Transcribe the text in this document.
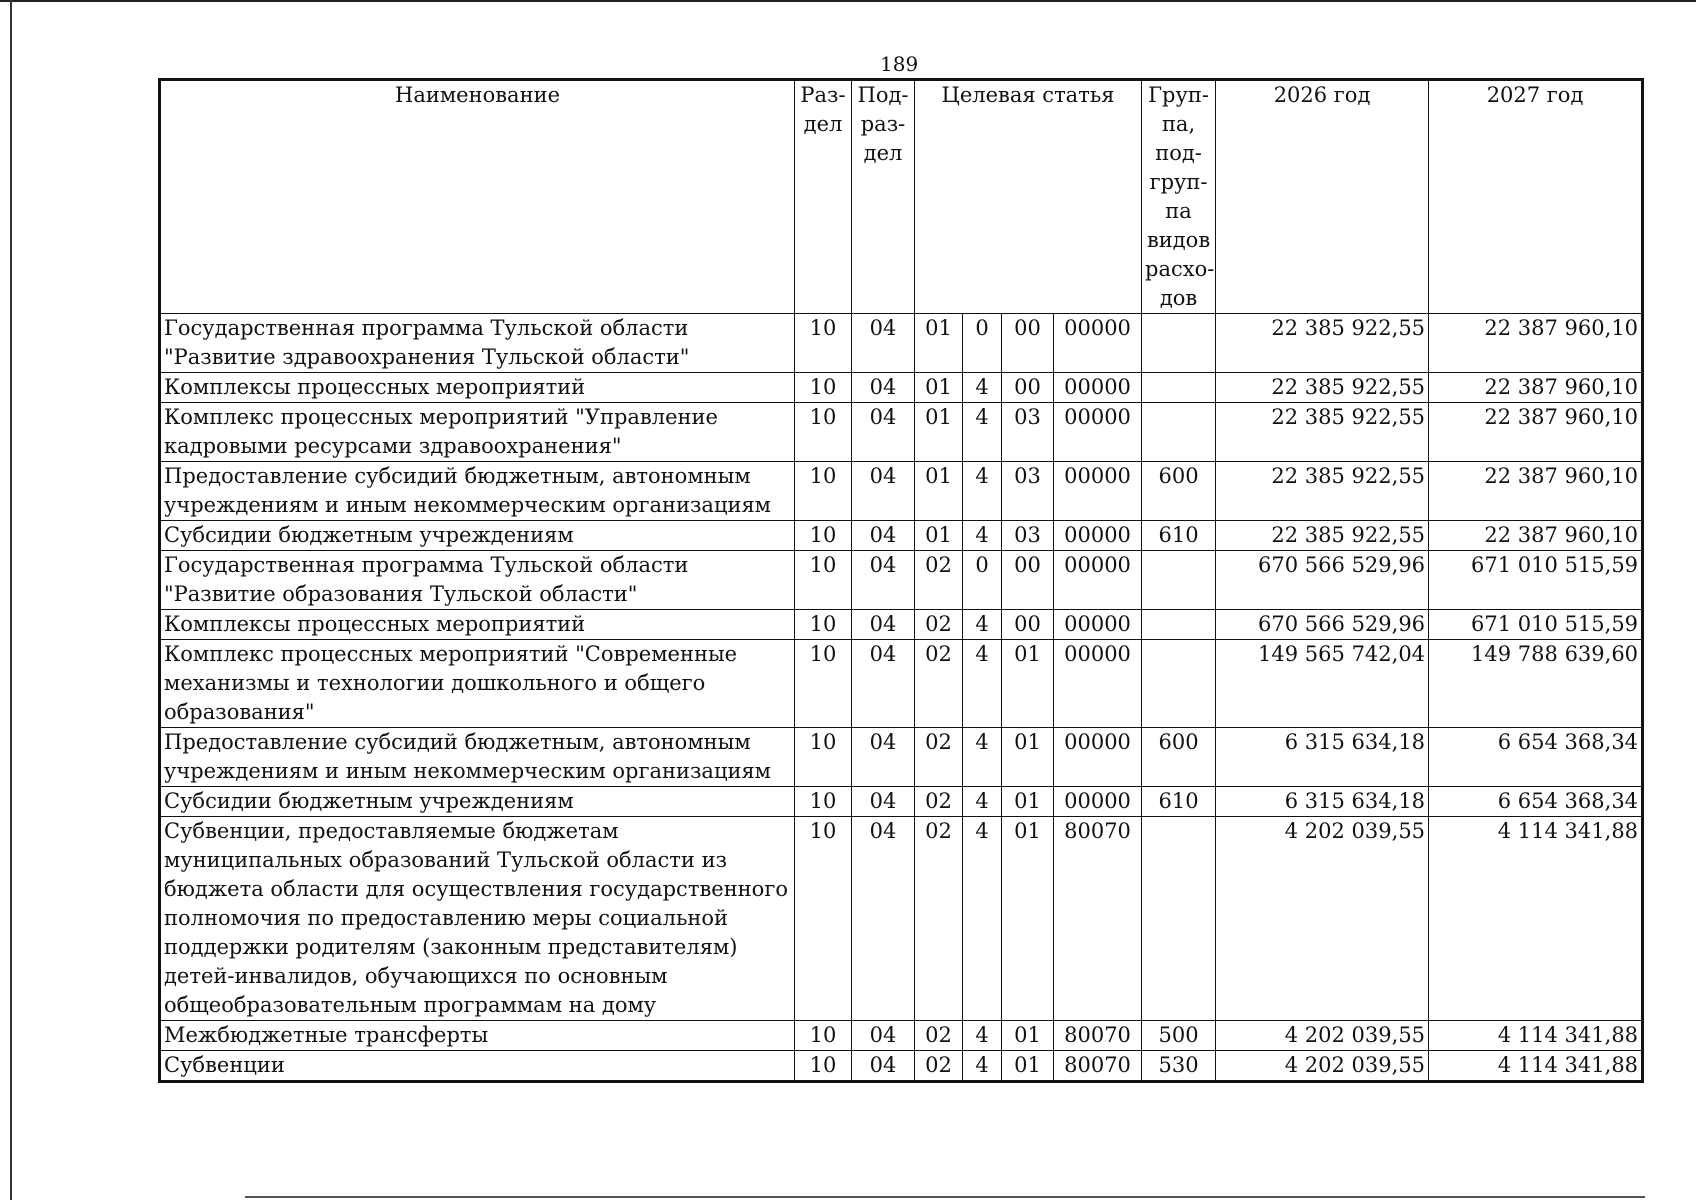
189
Наименование	Раз-дел	Под-раз-дел	Целевая статья				Груп-па, под-груп-па видов расхо-дов	2026 год	2027 год
Государственная программа Тульской области "Развитие здравоохранения Тульской области"	10	04	01	0	00	00000		22 385 922,55	22 387 960,10
Комплексы процессных мероприятий	10	04	01	4	00	00000		22 385 922,55	22 387 960,10
Комплекс процессных мероприятий "Управление кадровыми ресурсами здравоохранения"	10	04	01	4	03	00000		22 385 922,55	22 387 960,10
Предоставление субсидий бюджетным, автономным учреждениям и иным некоммерческим организациям	10	04	01	4	03	00000	600	22 385 922,55	22 387 960,10
Субсидии бюджетным учреждениям	10	04	01	4	03	00000	610	22 385 922,55	22 387 960,10
Государственная программа Тульской области "Развитие образования Тульской области"	10	04	02	0	00	00000		670 566 529,96	671 010 515,59
Комплексы процессных мероприятий	10	04	02	4	00	00000		670 566 529,96	671 010 515,59
Комплекс процессных мероприятий "Современные механизмы и технологии дошкольного и общего образования"	10	04	02	4	01	00000		149 565 742,04	149 788 639,60
Предоставление субсидий бюджетным, автономным учреждениям и иным некоммерческим организациям	10	04	02	4	01	00000	600	6 315 634,18	6 654 368,34
Субсидии бюджетным учреждениям	10	04	02	4	01	00000	610	6 315 634,18	6 654 368,34
Субвенции, предоставляемые бюджетам муниципальных образований Тульской области из бюджета области для осуществления государственного полномочия по предоставлению меры социальной поддержки родителям (законным представителям) детей-инвалидов, обучающихся по основным общеобразовательным программам на дому	10	04	02	4	01	80070		4 202 039,55	4 114 341,88
Межбюджетные трансферты	10	04	02	4	01	80070	500	4 202 039,55	4 114 341,88
Субвенции	10	04	02	4	01	80070	530	4 202 039,55	4 114 341,88
